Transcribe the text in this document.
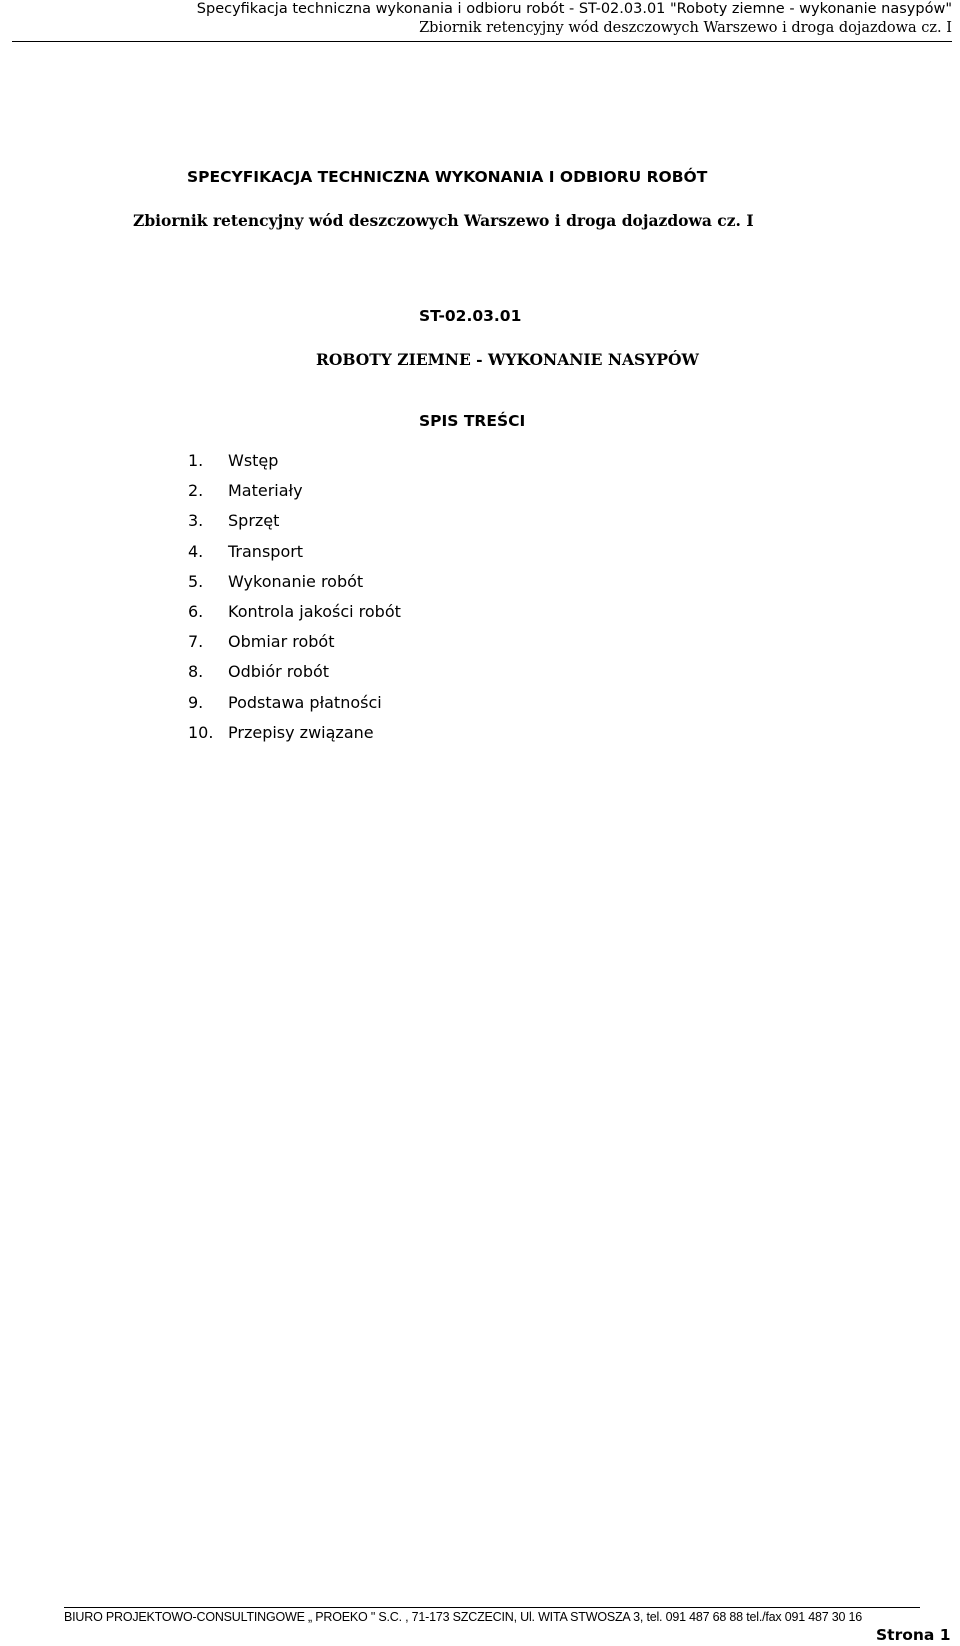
Specyfikacja techniczna wykonania i odbioru robót - ST-02.03.01 "Roboty ziemne - wykonanie nasypów"
Zbiornik retencyjny wód deszczowych Warszewo i droga dojazdowa cz. I
SPECYFIKACJA TECHNICZNA WYKONANIA I ODBIORU ROBÓT
Zbiornik retencyjny wód deszczowych Warszewo i droga dojazdowa cz. I
ST-02.03.01
ROBOTY ZIEMNE - WYKONANIE NASYPÓW
SPIS TREŚCI
1. Wstęp
2. Materiały
3. Sprzęt
4. Transport
5. Wykonanie robót
6. Kontrola jakości robót
7. Obmiar robót
8. Odbiór robót
9. Podstawa płatności
10. Przepisy związane
BIURO PROJEKTOWO-CONSULTINGOWE „ PROEKO " S.C. , 71-173 SZCZECIN, Ul. WITA STWOSZA 3, tel. 091 487 68 88 tel./fax 091 487 30 16
Strona 1
